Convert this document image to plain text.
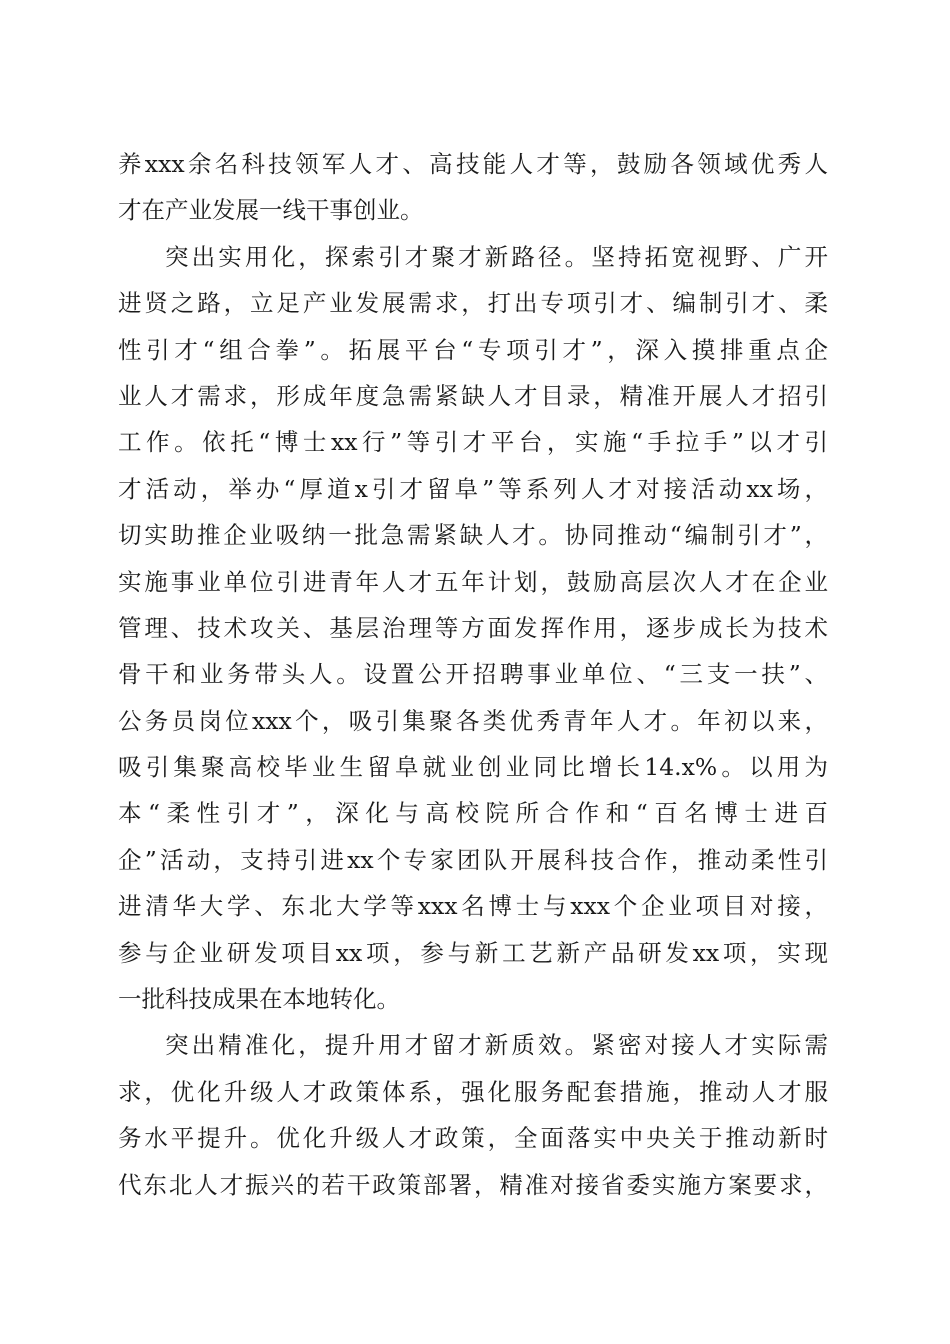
养xxx余名科技领军人才、高技能人才等，鼓励各领域优秀人
才在产业发展一线干事创业。
突出实用化，探索引才聚才新路径。坚持拓宽视野、广开
进贤之路，立足产业发展需求，打出专项引才、编制引才、柔
性引才“组合拳”。拓展平台“专项引才”，深入摸排重点企
业人才需求，形成年度急需紧缺人才目录，精准开展人才招引
工作。依托“博士xx行”等引才平台，实施“手拉手”以才引
才活动，举办“厚道x引才留阜”等系列人才对接活动xx场，
切实助推企业吸纳一批急需紧缺人才。协同推动“编制引才”，
实施事业单位引进青年人才五年计划，鼓励高层次人才在企业
管理、技术攻关、基层治理等方面发挥作用，逐步成长为技术
骨干和业务带头人。设置公开招聘事业单位、“三支一扶”、
公务员岗位xxx个，吸引集聚各类优秀青年人才。年初以来，
吸引集聚高校毕业生留阜就业创业同比增长14.x%。以用为
本“柔性引才”，深化与高校院所合作和“百名博士进百
企”活动，支持引进xx个专家团队开展科技合作，推动柔性引
进清华大学、东北大学等xxx名博士与xxx个企业项目对接，
参与企业研发项目xx项，参与新工艺新产品研发xx项，实现
一批科技成果在本地转化。
突出精准化，提升用才留才新质效。紧密对接人才实际需
求，优化升级人才政策体系，强化服务配套措施，推动人才服
务水平提升。优化升级人才政策，全面落实中央关于推动新时
代东北人才振兴的若干政策部署，精准对接省委实施方案要求，
